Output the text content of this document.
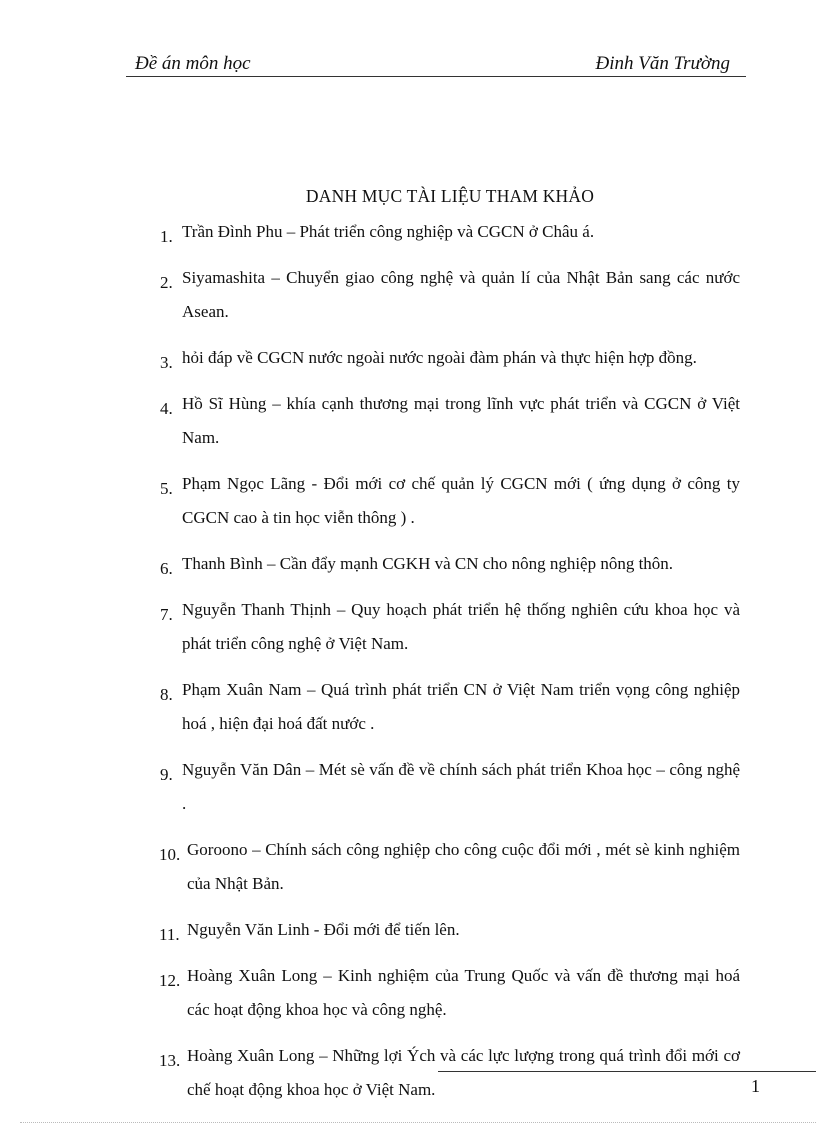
Đề án môn học	Đinh Văn Trường
DANH MỤC TÀI LIỆU THAM KHẢO
1. Trần Đình Phu – Phát triển công nghiệp và CGCN ở Châu á.
2. Siyamashita – Chuyển giao công nghệ và quản lí của Nhật Bản sang các nước Asean.
3. hỏi đáp về CGCN nước ngoài nước ngoài đàm phán và thực hiện hợp đồng.
4. Hồ Sĩ Hùng – khía cạnh thương mại trong lĩnh vực phát triển và CGCN ở Việt Nam.
5. Phạm Ngọc Lãng - Đổi mới cơ chế quản lý CGCN mới ( ứng dụng ở công ty CGCN cao à tin học viễn thông ) .
6. Thanh Bình – Cần đẩy mạnh CGKH và CN cho nông nghiệp nông thôn.
7. Nguyễn Thanh Thịnh – Quy hoạch phát triển hệ thống nghiên cứu khoa học và phát triển công nghệ ở Việt Nam.
8. Phạm Xuân Nam – Quá trình phát triển CN ở Việt Nam triển vọng công nghiệp hoá , hiện đại hoá đất nước .
9. Nguyễn Văn Dân – Mét sè vấn đề về chính sách phát triển Khoa học – công nghệ .
10. Goroono – Chính sách công nghiệp cho công cuộc đổi mới , mét sè kinh nghiệm của Nhật Bản.
11. Nguyễn Văn Linh - Đổi mới để tiến lên.
12. Hoàng Xuân Long – Kinh nghiệm của Trung Quốc và vấn đề thương mại hoá các hoạt động khoa học và công nghệ.
13. Hoàng Xuân Long – Những lợi Ých và các lực lượng trong quá trình đổi mới cơ chế hoạt động khoa học ở Việt Nam.	1
